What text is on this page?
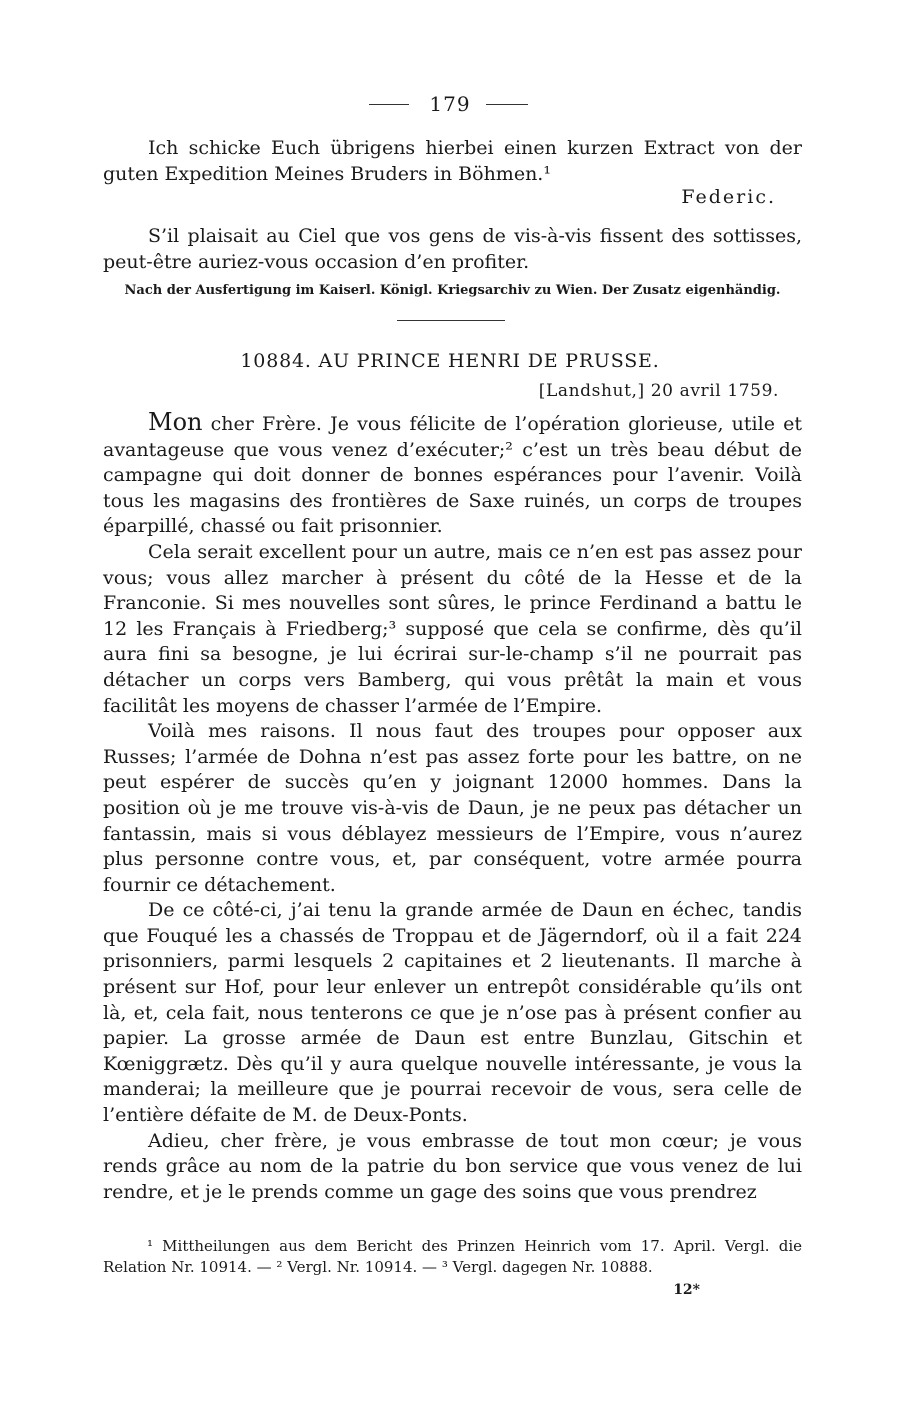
179

Ich schicke Euch übrigens hierbei einen kurzen Extract von der guten Expedition Meines Bruders in Böhmen.¹

Federic.

S’il plaisait au Ciel que vos gens de vis-à-vis fissent des sottisses, peut-être auriez-vous occasion d’en profiter.

Nach der Ausfertigung im Kaiserl. Königl. Kriegsarchiv zu Wien. Der Zusatz eigenhändig.
10884. AU PRINCE HENRI DE PRUSSE.
[Landshut,] 20 avril 1759.

Mon cher Frère. Je vous félicite de l’opération glorieuse, utile et avantageuse que vous venez d’exécuter;² c’est un très beau début de campagne qui doit donner de bonnes espérances pour l’avenir. Voilà tous les magasins des frontières de Saxe ruinés, un corps de troupes éparpillé, chassé ou fait prisonnier.

Cela serait excellent pour un autre, mais ce n’en est pas assez pour vous; vous allez marcher à présent du côté de la Hesse et de la Franconie. Si mes nouvelles sont sûres, le prince Ferdinand a battu le 12 les Français à Friedberg;³ supposé que cela se confirme, dès qu’il aura fini sa besogne, je lui écrirai sur-le-champ s’il ne pourrait pas détacher un corps vers Bamberg, qui vous prêtât la main et vous facilitât les moyens de chasser l’armée de l’Empire.

Voilà mes raisons. Il nous faut des troupes pour opposer aux Russes; l’armée de Dohna n’est pas assez forte pour les battre, on ne peut espérer de succès qu’en y joignant 12000 hommes. Dans la position où je me trouve vis-à-vis de Daun, je ne peux pas détacher un fantassin, mais si vous déblayez messieurs de l’Empire, vous n’aurez plus personne contre vous, et, par conséquent, votre armée pourra fournir ce détachement.

De ce côté-ci, j’ai tenu la grande armée de Daun en échec, tandis que Fouqué les a chassés de Troppau et de Jägerndorf, où il a fait 224 prisonniers, parmi lesquels 2 capitaines et 2 lieutenants. Il marche à présent sur Hof, pour leur enlever un entrepôt considérable qu’ils ont là, et, cela fait, nous tenterons ce que je n’ose pas à présent confier au papier. La grosse armée de Daun est entre Bunzlau, Gitschin et Kœniggrætz. Dès qu’il y aura quelque nouvelle intéressante, je vous la manderai; la meilleure que je pourrai recevoir de vous, sera celle de l’entière défaite de M. de Deux-Ponts.

Adieu, cher frère, je vous embrasse de tout mon cœur; je vous rends grâce au nom de la patrie du bon service que vous venez de lui rendre, et je le prends comme un gage des soins que vous prendrez

¹ Mittheilungen aus dem Bericht des Prinzen Heinrich vom 17. April. Vergl. die Relation Nr. 10914. — ² Vergl. Nr. 10914. — ³ Vergl. dagegen Nr. 10888.

12*
